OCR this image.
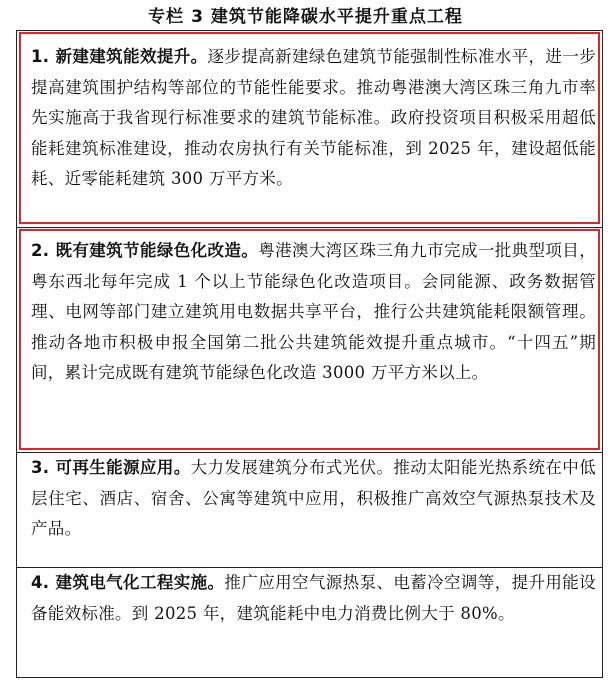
专栏 3 建筑节能降碳水平提升重点工程
1. 新建建筑能效提升。逐步提高新建绿色建筑节能强制性标准水平，进一步提高建筑围护结构等部位的节能性能要求。推动粤港澳大湾区珠三角九市率先实施高于我省现行标准要求的建筑节能标准。政府投资项目积极采用超低能耗建筑标准建设，推动农房执行有关节能标准，到 2025 年，建设超低能耗、近零能耗建筑 300 万平方米。
2. 既有建筑节能绿色化改造。粤港澳大湾区珠三角九市完成一批典型项目，粤东西北每年完成 1 个以上节能绿色化改造项目。会同能源、政务数据管理、电网等部门建立建筑用电数据共享平台，推行公共建筑能耗限额管理。推动各地市积极申报全国第二批公共建筑能效提升重点城市。“十四五”期间，累计完成既有建筑节能绿色化改造 3000 万平方米以上。
3. 可再生能源应用。大力发展建筑分布式光伏。推动太阳能光热系统在中低层住宅、酒店、宿舍、公寓等建筑中应用，积极推广高效空气源热泵技术及产品。
4. 建筑电气化工程实施。推广应用空气源热泵、电蓄冷空调等，提升用能设备能效标准。到 2025 年，建筑能耗中电力消费比例大于 80%。
